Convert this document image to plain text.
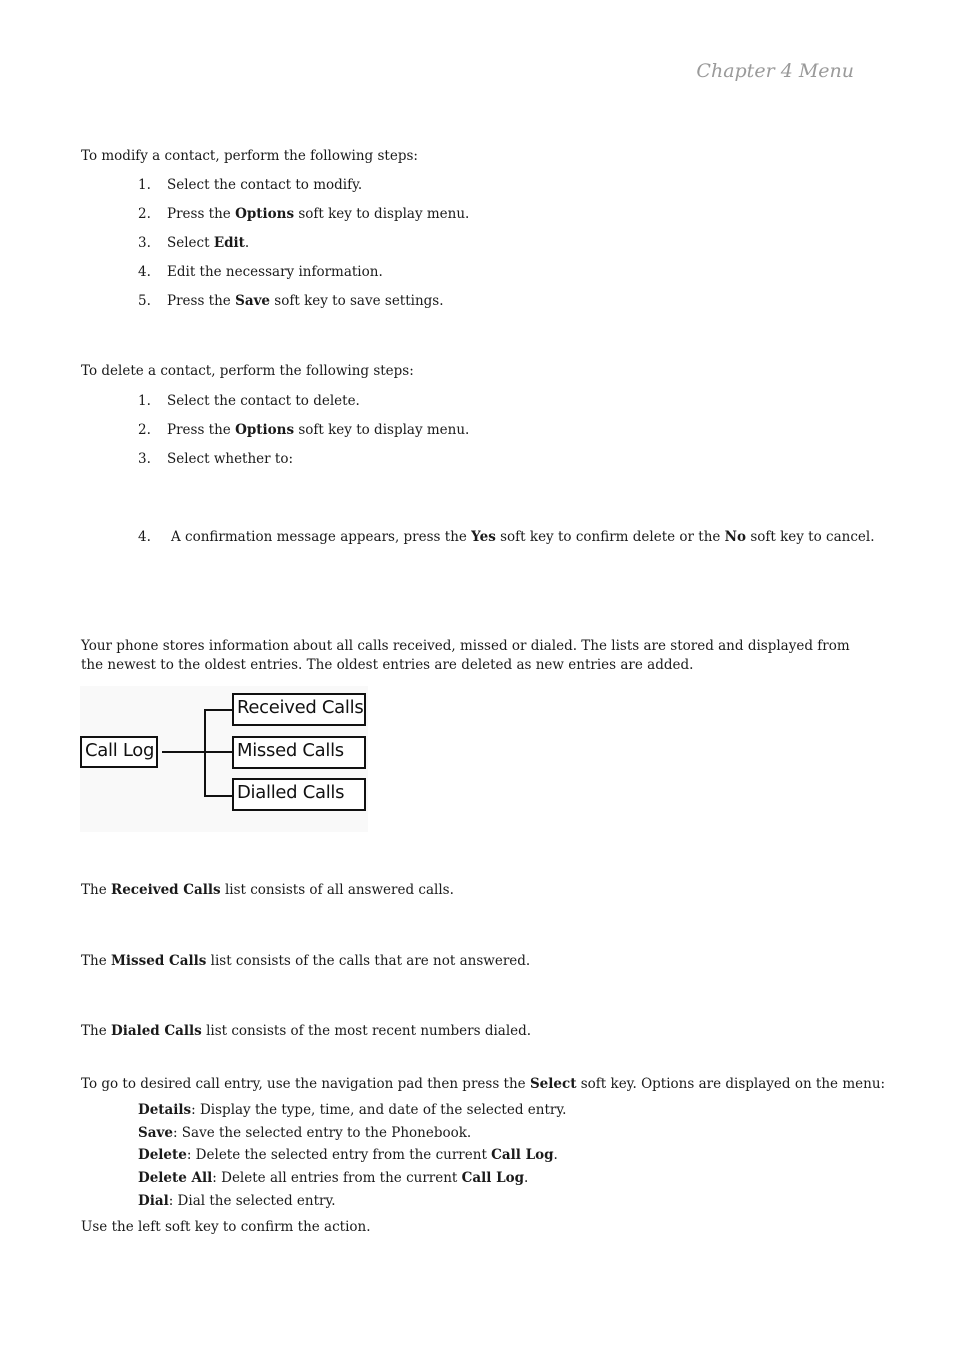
Chapter 4 Menu
To modify a contact, perform the following steps:
1. Select the contact to modify.
2. Press the Options soft key to display menu.
3. Select Edit.
4. Edit the necessary information.
5. Press the Save soft key to save settings.
To delete a contact, perform the following steps:
1. Select the contact to delete.
2. Press the Options soft key to display menu.
3. Select whether to:
4. A confirmation message appears, press the Yes soft key to confirm delete or the No soft key to cancel.
Your phone stores information about all calls received, missed or dialed. The lists are stored and displayed from the newest to the oldest entries. The oldest entries are deleted as new entries are added.
Call Log
Received Calls
Missed Calls
Dialled Calls
The Received Calls list consists of all answered calls.
The Missed Calls list consists of the calls that are not answered.
The Dialed Calls list consists of the most recent numbers dialed.
To go to desired call entry, use the navigation pad then press the Select soft key. Options are displayed on the menu:
Details: Display the type, time, and date of the selected entry.
Save: Save the selected entry to the Phonebook.
Delete: Delete the selected entry from the current Call Log.
Delete All: Delete all entries from the current Call Log.
Dial: Dial the selected entry.
Use the left soft key to confirm the action.
